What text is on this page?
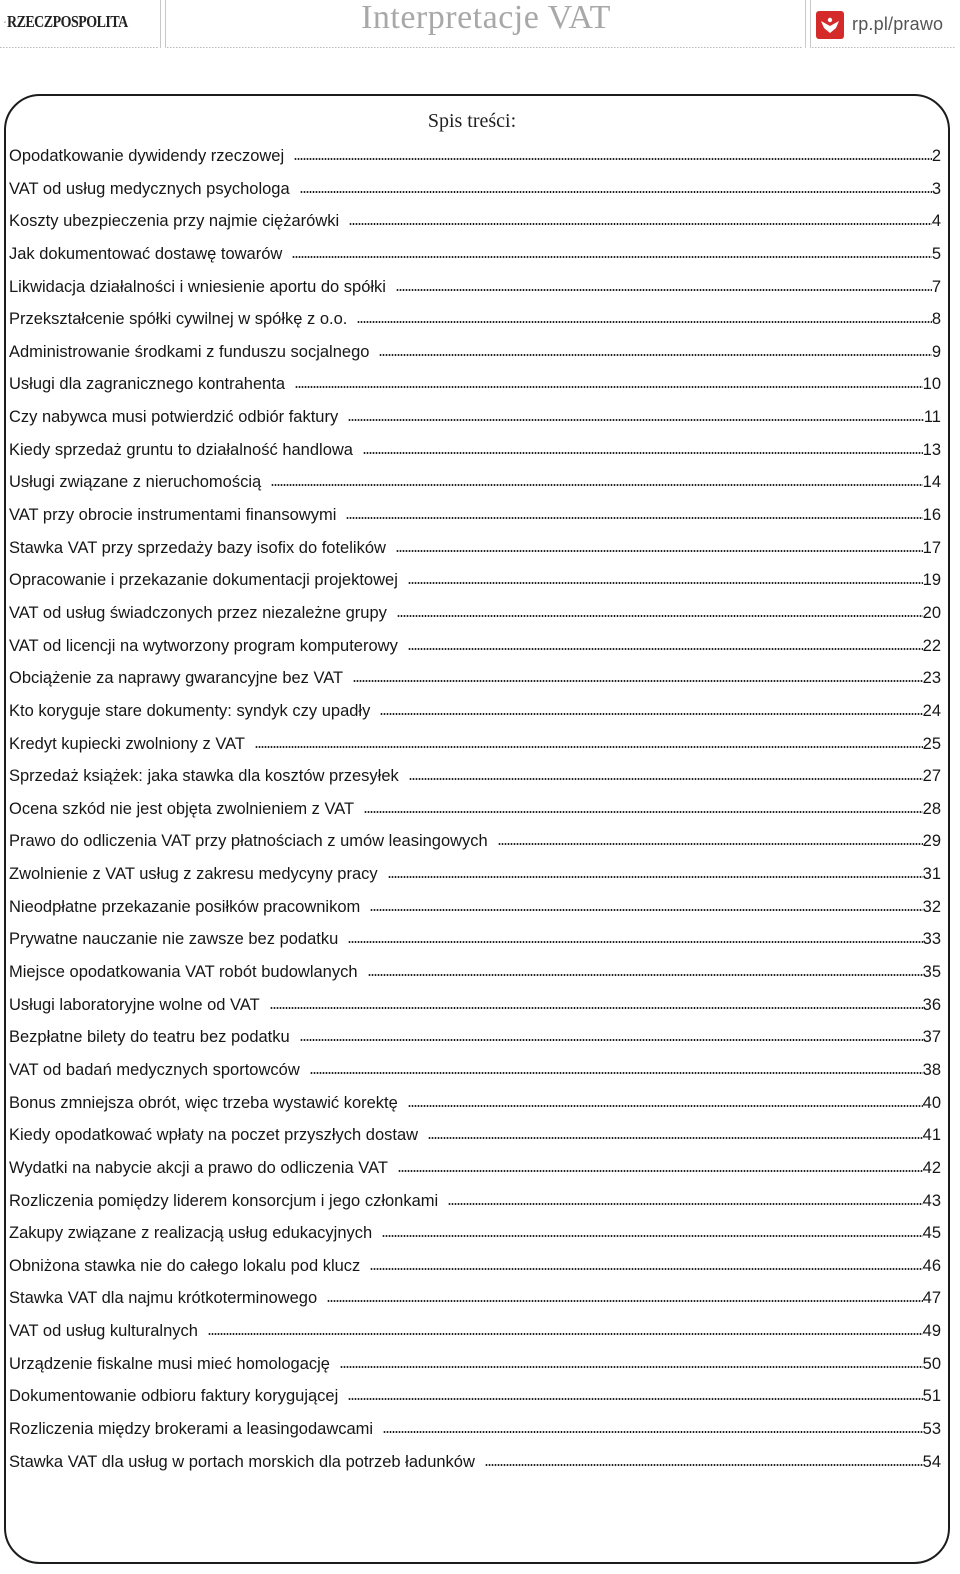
RZECZPOSPOLITA	Interpretacje VAT	rp.pl/prawo
Spis treści:
Opodatkowanie dywidendy rzeczowej	2
VAT od usług medycznych psychologa	3
Koszty ubezpieczenia przy najmie ciężarówki	4
Jak dokumentować dostawę towarów	5
Likwidacja działalności i wniesienie aportu do spółki	7
Przekształcenie spółki cywilnej w spółkę z o.o.	8
Administrowanie środkami z funduszu socjalnego	9
Usługi dla zagranicznego kontrahenta	10
Czy nabywca musi potwierdzić odbiór faktury	11
Kiedy sprzedaż gruntu to działalność handlowa	13
Usługi związane z nieruchomością	14
VAT przy obrocie instrumentami finansowymi	16
Stawka VAT przy sprzedaży bazy isofix do fotelików	17
Opracowanie i przekazanie dokumentacji projektowej	19
VAT od usług świadczonych przez niezależne grupy	20
VAT od licencji na wytworzony program komputerowy	22
Obciążenie za naprawy gwarancyjne bez VAT	23
Kto koryguje stare dokumenty: syndyk czy upadły	24
Kredyt kupiecki zwolniony z VAT	25
Sprzedaż książek: jaka stawka dla kosztów przesyłek	27
Ocena szkód nie jest objęta zwolnieniem z VAT	28
Prawo do odliczenia VAT przy płatnościach z umów leasingowych	29
Zwolnienie z VAT usług z zakresu medycyny pracy	31
Nieodpłatne przekazanie posiłków pracownikom	32
Prywatne nauczanie nie zawsze bez podatku	33
Miejsce opodatkowania VAT robót budowlanych	35
Usługi laboratoryjne wolne od VAT	36
Bezpłatne bilety do teatru bez podatku	37
VAT od badań medycznych sportowców	38
Bonus zmniejsza obrót, więc trzeba wystawić korektę	40
Kiedy opodatkować wpłaty na poczet przyszłych dostaw	41
Wydatki na nabycie akcji a prawo do odliczenia VAT	42
Rozliczenia pomiędzy liderem konsorcjum i jego członkami	43
Zakupy związane z realizacją usług edukacyjnych	45
Obniżona stawka nie do całego lokalu pod klucz	46
Stawka VAT dla najmu krótkoterminowego	47
VAT od usług kulturalnych	49
Urządzenie fiskalne musi mieć homologację	50
Dokumentowanie odbioru faktury korygującej	51
Rozliczenia między brokerami a leasingodawcami	53
Stawka VAT dla usług w portach morskich dla potrzeb ładunków	54
